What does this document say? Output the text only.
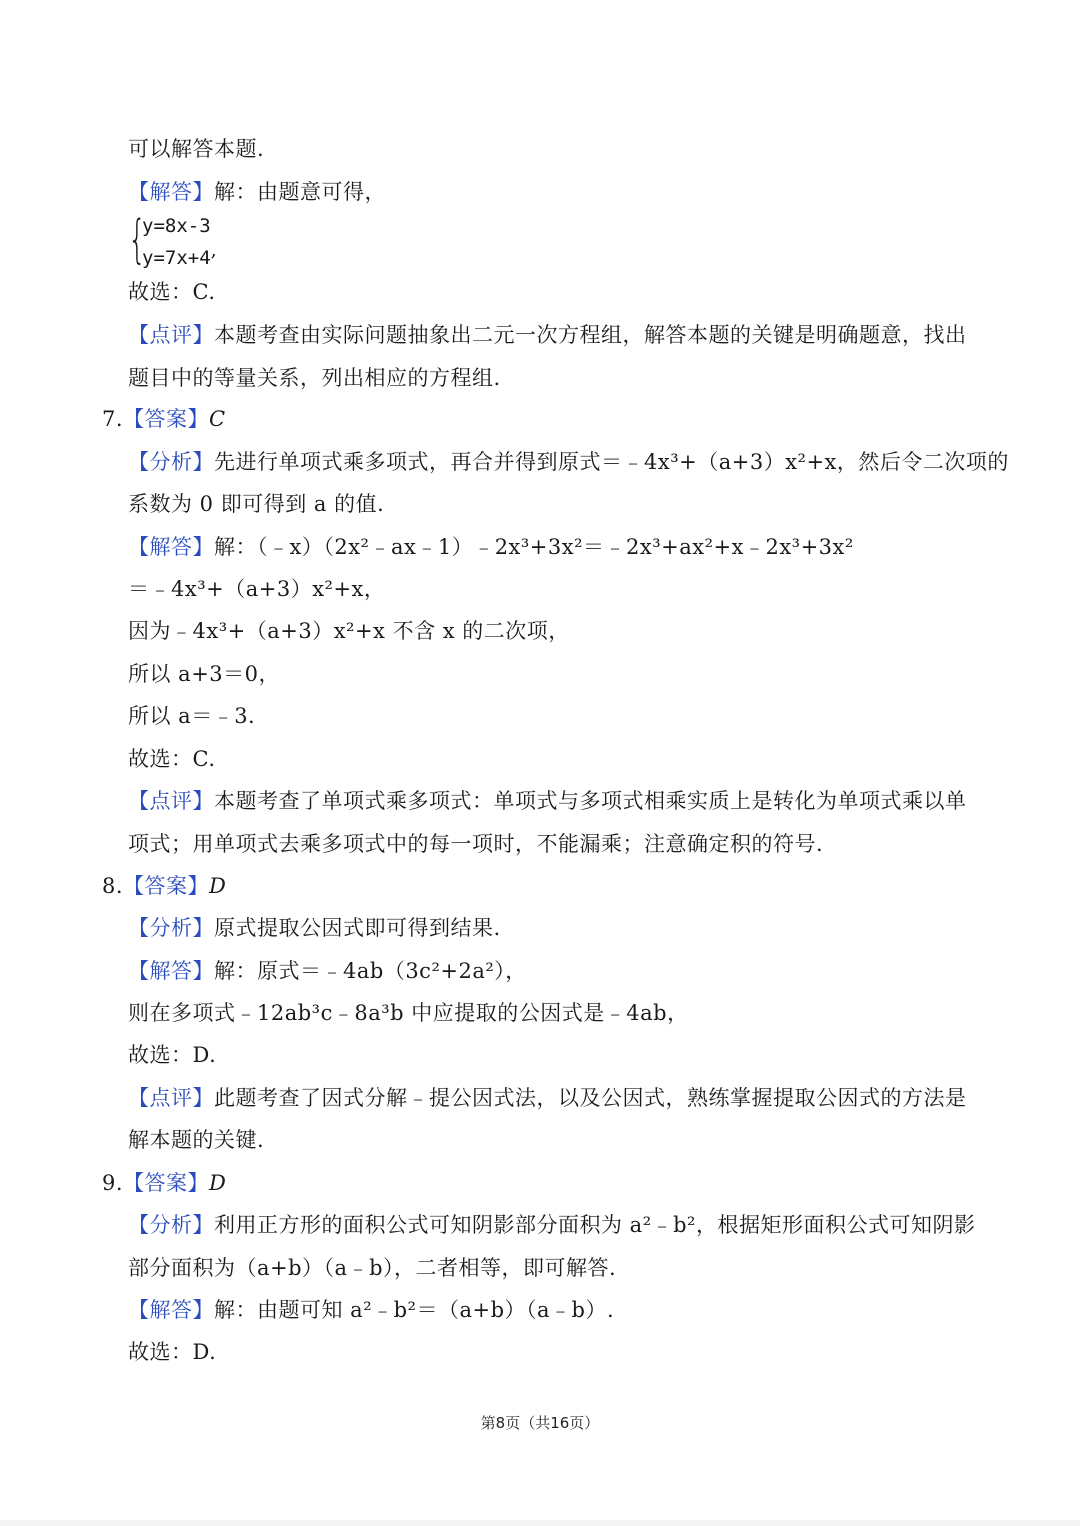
可以解答本题.
【解答】解：由题意可得，
{
y=8x-3
y=7x+4,
故选：C.
【点评】本题考查由实际问题抽象出二元一次方程组，解答本题的关键是明确题意，找出
题目中的等量关系，列出相应的方程组.
7.【答案】C
【分析】先进行单项式乘多项式，再合并得到原式＝﹣4x³+（a+3）x²+x，然后令二次项的
系数为 0 即可得到 a 的值.
【解答】解：（﹣x）（2x²﹣ax﹣1）﹣2x³+3x²＝﹣2x³+ax²+x﹣2x³+3x²
＝﹣4x³+（a+3）x²+x，
因为﹣4x³+（a+3）x²+x 不含 x 的二次项，
所以 a+3＝0，
所以 a＝﹣3.
故选：C.
【点评】本题考查了单项式乘多项式：单项式与多项式相乘实质上是转化为单项式乘以单
项式；用单项式去乘多项式中的每一项时，不能漏乘；注意确定积的符号.
8.【答案】D
【分析】原式提取公因式即可得到结果.
【解答】解：原式＝﹣4ab（3c²+2a²），
则在多项式﹣12ab³c﹣8a³b 中应提取的公因式是﹣4ab，
故选：D.
【点评】此题考查了因式分解﹣提公因式法，以及公因式，熟练掌握提取公因式的方法是
解本题的关键.
9.【答案】D
【分析】利用正方形的面积公式可知阴影部分面积为 a²﹣b²，根据矩形面积公式可知阴影
部分面积为（a+b）（a﹣b），二者相等，即可解答.
【解答】解：由题可知 a²﹣b²＝（a+b）（a﹣b）.
故选：D.
第8页（共16页）
